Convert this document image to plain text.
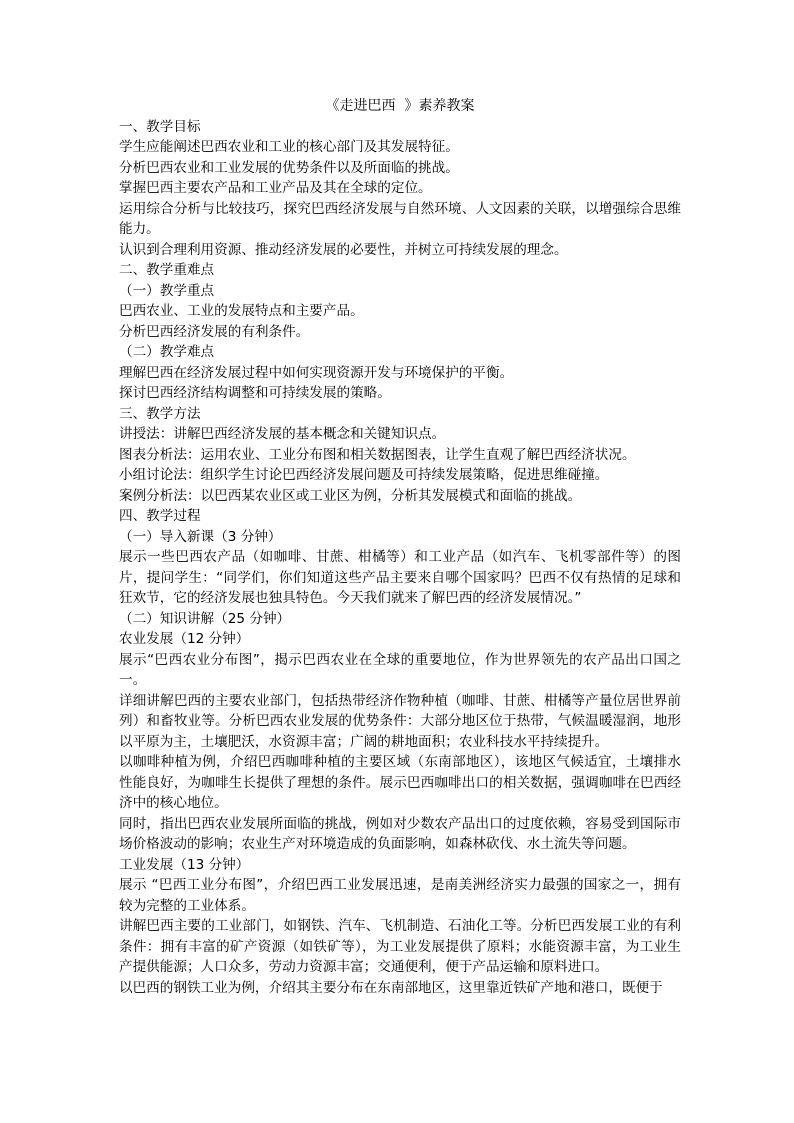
《走进巴西  》素养教案

一、教学目标

学生应能阐述巴西农业和工业的核心部门及其发展特征。

分析巴西农业和工业发展的优势条件以及所面临的挑战。

掌握巴西主要农产品和工业产品及其在全球的定位。

运用综合分析与比较技巧，探究巴西经济发展与自然环境、人文因素的关联，以增强综合思维能力。

认识到合理利用资源、推动经济发展的必要性，并树立可持续发展的理念。

二、教学重难点

（一）教学重点

巴西农业、工业的发展特点和主要产品。

分析巴西经济发展的有利条件。

（二）教学难点

理解巴西在经济发展过程中如何实现资源开发与环境保护的平衡。

探讨巴西经济结构调整和可持续发展的策略。

三、教学方法

讲授法：讲解巴西经济发展的基本概念和关键知识点。

图表分析法：运用农业、工业分布图和相关数据图表，让学生直观了解巴西经济状况。

小组讨论法：组织学生讨论巴西经济发展问题及可持续发展策略，促进思维碰撞。

案例分析法：以巴西某农业区或工业区为例，分析其发展模式和面临的挑战。

四、教学过程

（一）导入新课（3 分钟）

展示一些巴西农产品（如咖啡、甘蔗、柑橘等）和工业产品（如汽车、飞机零部件等）的图片，提问学生：“同学们，你们知道这些产品主要来自哪个国家吗？巴西不仅有热情的足球和狂欢节，它的经济发展也独具特色。今天我们就来了解巴西的经济发展情况。”

（二）知识讲解（25 分钟）

农业发展（12 分钟）

展示“巴西农业分布图”，揭示巴西农业在全球的重要地位，作为世界领先的农产品出口国之一。

详细讲解巴西的主要农业部门，包括热带经济作物种植（咖啡、甘蔗、柑橘等产量位居世界前列）和畜牧业等。分析巴西农业发展的优势条件：大部分地区位于热带，气候温暖湿润，地形以平原为主，土壤肥沃，水资源丰富；广阔的耕地面积；农业科技水平持续提升。

以咖啡种植为例，介绍巴西咖啡种植的主要区域（东南部地区），该地区气候适宜，土壤排水性能良好，为咖啡生长提供了理想的条件。展示巴西咖啡出口的相关数据，强调咖啡在巴西经济中的核心地位。

同时，指出巴西农业发展所面临的挑战，例如对少数农产品出口的过度依赖，容易受到国际市场价格波动的影响；农业生产对环境造成的负面影响，如森林砍伐、水土流失等问题。

工业发展（13 分钟）

展示 “巴西工业分布图”，介绍巴西工业发展迅速，是南美洲经济实力最强的国家之一，拥有较为完整的工业体系。

讲解巴西主要的工业部门，如钢铁、汽车、飞机制造、石油化工等。分析巴西发展工业的有利条件：拥有丰富的矿产资源（如铁矿等），为工业发展提供了原料；水能资源丰富，为工业生产提供能源；人口众多，劳动力资源丰富；交通便利，便于产品运输和原料进口。

以巴西的钢铁工业为例，介绍其主要分布在东南部地区，这里靠近铁矿产地和港口，既便于
